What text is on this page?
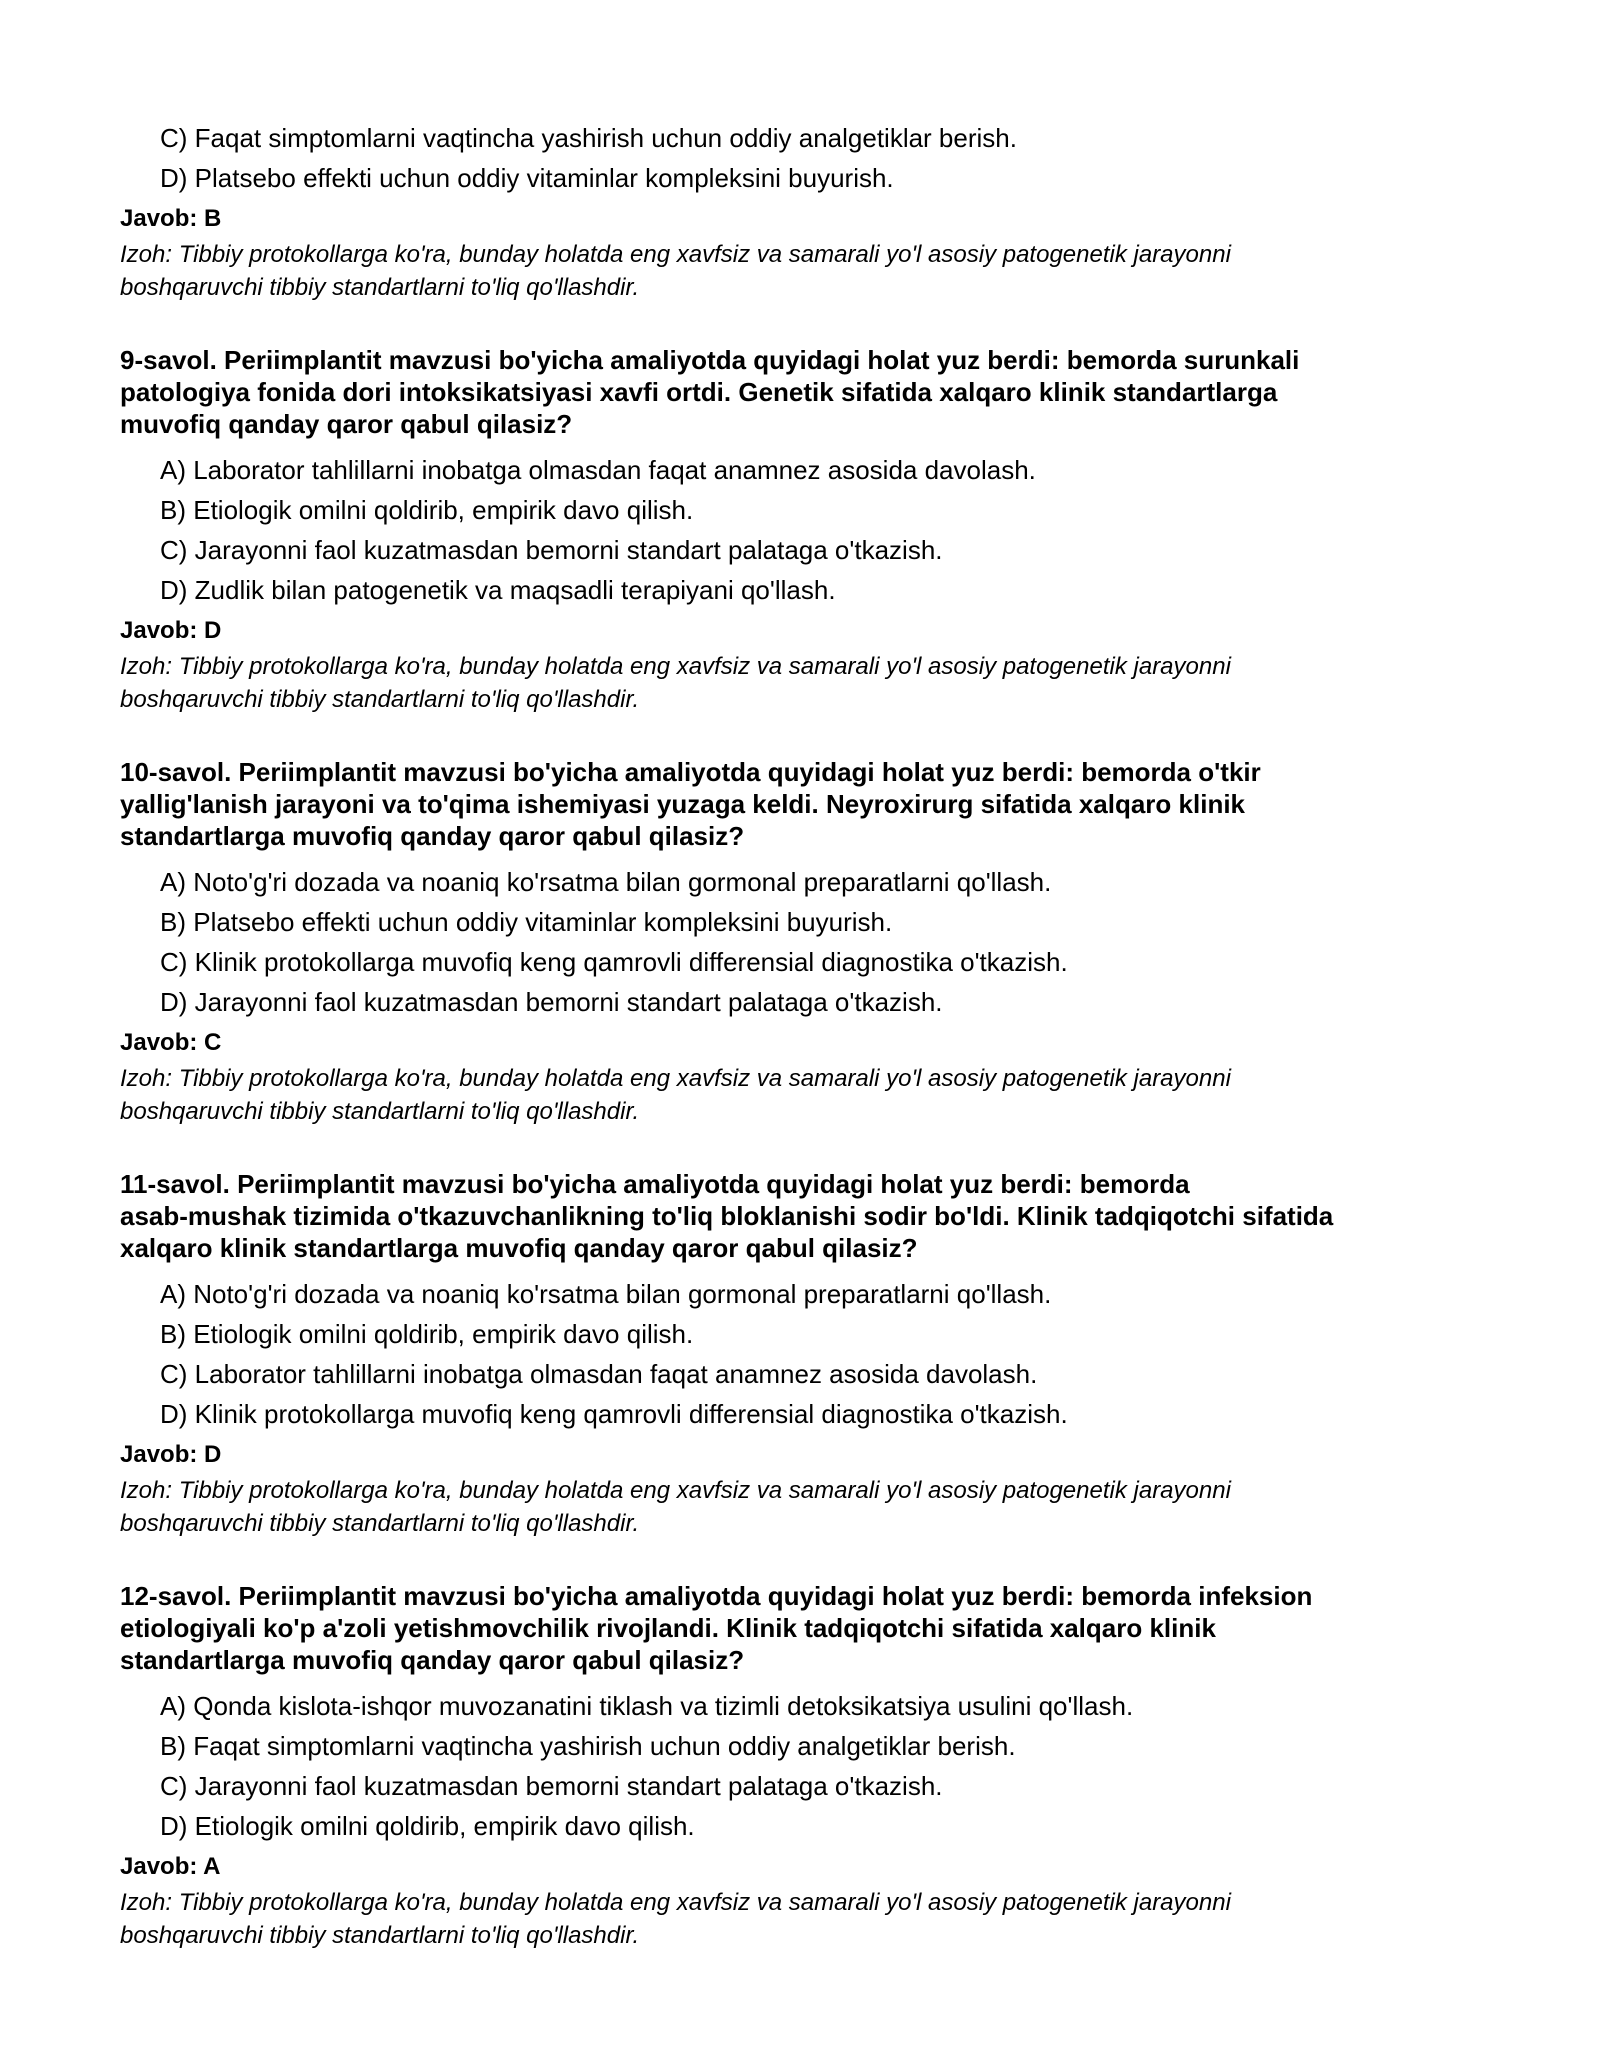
C) Faqat simptomlarni vaqtincha yashirish uchun oddiy analgetiklar berish.
D) Platsebo effekti uchun oddiy vitaminlar kompleksini buyurish.
Javob: B
Izoh: Tibbiy protokollarga ko'ra, bunday holatda eng xavfsiz va samarali yo'l asosiy patogenetik jarayonni
boshqaruvchi tibbiy standartlarni to'liq qo'llashdir.
9-savol. Periimplantit mavzusi bo'yicha amaliyotda quyidagi holat yuz berdi: bemorda surunkali
patologiya fonida dori intoksikatsiyasi xavfi ortdi. Genetik sifatida xalqaro klinik standartlarga
muvofiq qanday qaror qabul qilasiz?
A) Laborator tahlillarni inobatga olmasdan faqat anamnez asosida davolash.
B) Etiologik omilni qoldirib, empirik davo qilish.
C) Jarayonni faol kuzatmasdan bemorni standart palataga o'tkazish.
D) Zudlik bilan patogenetik va maqsadli terapiyani qo'llash.
Javob: D
Izoh: Tibbiy protokollarga ko'ra, bunday holatda eng xavfsiz va samarali yo'l asosiy patogenetik jarayonni
boshqaruvchi tibbiy standartlarni to'liq qo'llashdir.
10-savol. Periimplantit mavzusi bo'yicha amaliyotda quyidagi holat yuz berdi: bemorda o'tkir
yallig'lanish jarayoni va to'qima ishemiyasi yuzaga keldi. Neyroxirurg sifatida xalqaro klinik
standartlarga muvofiq qanday qaror qabul qilasiz?
A) Noto'g'ri dozada va noaniq ko'rsatma bilan gormonal preparatlarni qo'llash.
B) Platsebo effekti uchun oddiy vitaminlar kompleksini buyurish.
C) Klinik protokollarga muvofiq keng qamrovli differensial diagnostika o'tkazish.
D) Jarayonni faol kuzatmasdan bemorni standart palataga o'tkazish.
Javob: C
Izoh: Tibbiy protokollarga ko'ra, bunday holatda eng xavfsiz va samarali yo'l asosiy patogenetik jarayonni
boshqaruvchi tibbiy standartlarni to'liq qo'llashdir.
11-savol. Periimplantit mavzusi bo'yicha amaliyotda quyidagi holat yuz berdi: bemorda
asab-mushak tizimida o'tkazuvchanlikning to'liq bloklanishi sodir bo'ldi. Klinik tadqiqotchi sifatida
xalqaro klinik standartlarga muvofiq qanday qaror qabul qilasiz?
A) Noto'g'ri dozada va noaniq ko'rsatma bilan gormonal preparatlarni qo'llash.
B) Etiologik omilni qoldirib, empirik davo qilish.
C) Laborator tahlillarni inobatga olmasdan faqat anamnez asosida davolash.
D) Klinik protokollarga muvofiq keng qamrovli differensial diagnostika o'tkazish.
Javob: D
Izoh: Tibbiy protokollarga ko'ra, bunday holatda eng xavfsiz va samarali yo'l asosiy patogenetik jarayonni
boshqaruvchi tibbiy standartlarni to'liq qo'llashdir.
12-savol. Periimplantit mavzusi bo'yicha amaliyotda quyidagi holat yuz berdi: bemorda infeksion
etiologiyali ko'p a'zoli yetishmovchilik rivojlandi. Klinik tadqiqotchi sifatida xalqaro klinik
standartlarga muvofiq qanday qaror qabul qilasiz?
A) Qonda kislota-ishqor muvozanatini tiklash va tizimli detoksikatsiya usulini qo'llash.
B) Faqat simptomlarni vaqtincha yashirish uchun oddiy analgetiklar berish.
C) Jarayonni faol kuzatmasdan bemorni standart palataga o'tkazish.
D) Etiologik omilni qoldirib, empirik davo qilish.
Javob: A
Izoh: Tibbiy protokollarga ko'ra, bunday holatda eng xavfsiz va samarali yo'l asosiy patogenetik jarayonni
boshqaruvchi tibbiy standartlarni to'liq qo'llashdir.
